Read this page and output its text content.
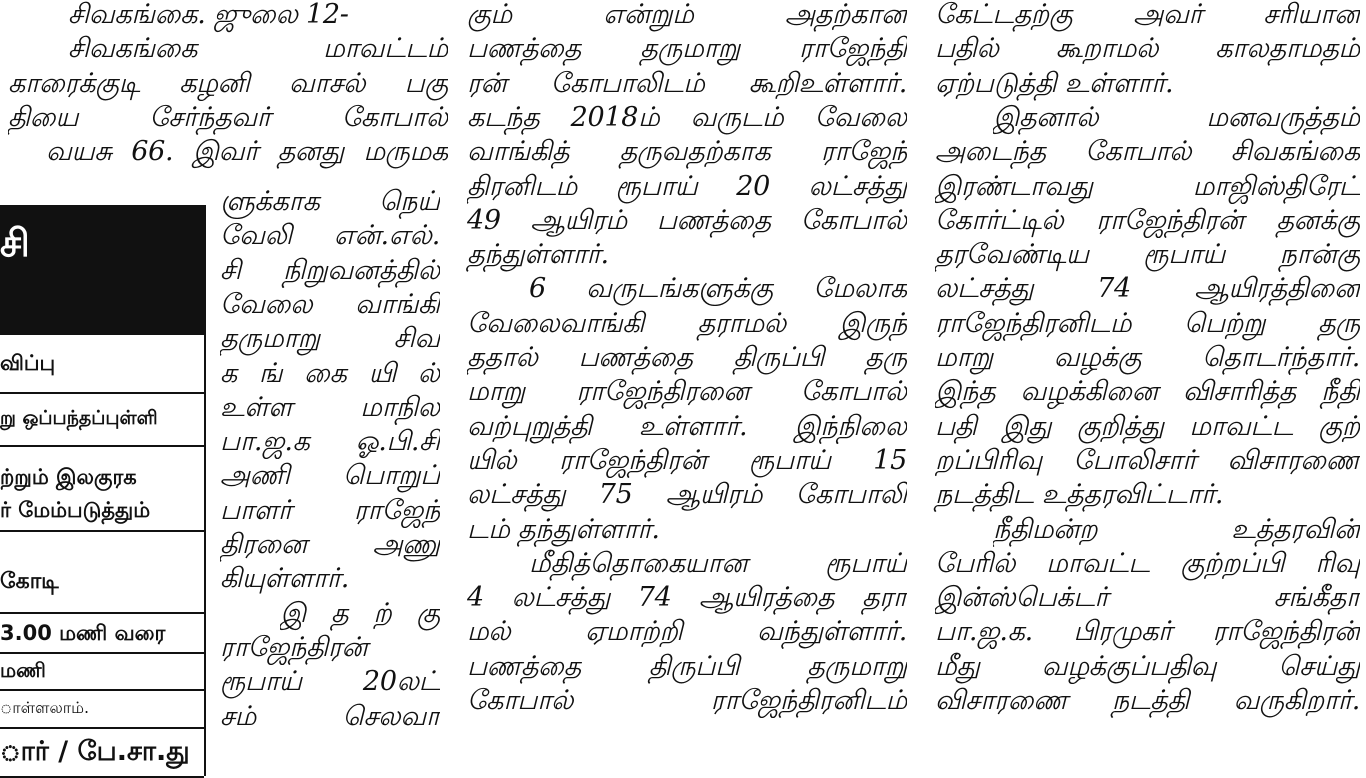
சிவகங்கை. ஜுலை 12-
சிவகங்கை மாவட்டம்
காரைக்குடி கழனி வாசல் பகு
தியை சேர்ந்தவர் கோபால்
வயசு 66. இவர் தனது மருமக
ளுக்காக நெய்
வேலி என்.எல்.
சி நிறுவனத்தில்
வேலை வாங்கி
தருமாறு சிவ
க ங் கை யி ல்
உள்ள மாநில
பா.ஜ.க ஓ.பி.சி
அணி பொறுப்
பாளர் ராஜேந்
திரனை அணு
கியுள்ளார்.
இ த ற் கு
ராஜேந்திரன்
ரூபாய் 20லட்
சம் செலவா
கும் என்றும் அதற்கான
பணத்தை தருமாறு ராஜேந்தி
ரன் கோபாலிடம் கூறிஉள்ளார்.
கடந்த 2018ம் வருடம் வேலை
வாங்கித் தருவதற்காக ராஜேந்
திரனிடம் ரூபாய் 20 லட்சத்து
49 ஆயிரம் பணத்தை கோபால்
தந்துள்ளார்.
6 வருடங்களுக்கு மேலாக
வேலைவாங்கி தராமல் இருந்
ததால் பணத்தை திருப்பி தரு
மாறு ராஜேந்திரனை கோபால்
வற்புறுத்தி உள்ளார். இந்நிலை
யில் ராஜேந்திரன் ரூபாய் 15
லட்சத்து 75 ஆயிரம் கோபாலி
டம் தந்துள்ளார்.
மீதித்தொகையான ரூபாய்
4 லட்சத்து 74 ஆயிரத்தை தரா
மல் ஏமாற்றி வந்துள்ளார்.
பணத்தை திருப்பி தருமாறு
கோபால் ராஜேந்திரனிடம்
கேட்டதற்கு அவர் சரியான
பதில் கூறாமல் காலதாமதம்
ஏற்படுத்தி உள்ளார்.
இதனால் மனவருத்தம்
அடைந்த கோபால் சிவகங்கை
இரண்டாவது மாஜிஸ்திரேட்
கோர்ட்டில் ராஜேந்திரன் தனக்கு
தரவேண்டிய ரூபாய் நான்கு
லட்சத்து 74 ஆயிரத்தினை
ராஜேந்திரனிடம் பெற்று தரு
மாறு வழக்கு தொடர்ந்தார்.
இந்த வழக்கினை விசாரித்த நீதி
பதி இது குறித்து மாவட்ட குற்
றப்பிரிவு போலிசார் விசாரணை
நடத்திட உத்தரவிட்டார்.
நீதிமன்ற உத்தரவின்
பேரில் மாவட்ட குற்றப்பி ரிவு
இன்ஸ்பெக்டர் சங்கீதா
பா.ஜ.க. பிரமுகர் ராஜேந்திரன்
மீது வழக்குப்பதிவு செய்து
விசாரணை நடத்தி வருகிறார்.
சி
விப்பு
று ஒப்பந்தப்புள்ளி
ற்றும் இலகுரக
ர் மேம்படுத்தும்
கோடி
3.00 மணி வரை
மணி
ாள்ளலாம்.
ார் / பே.சா.து
